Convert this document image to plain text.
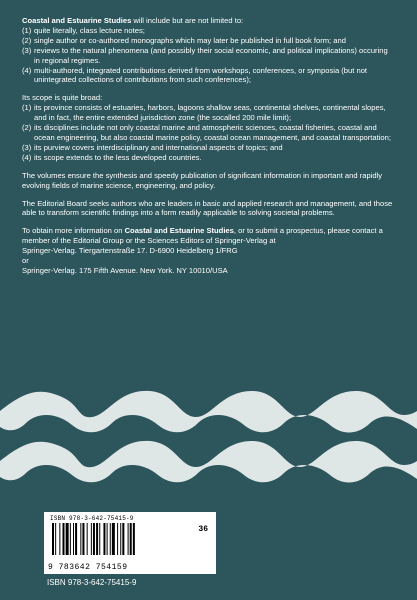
Coastal and Estuarine Studies will include but are not limited to:

(1) quite literally, class lecture notes;
(2) single author or co-authored monographs which may later be published in full book form; and
(3) reviews to the natural phenomena (and possibly their social economic, and political implications) occuring in regional regimes.
(4) multi-authored, integrated contributions derived from workshops, conferences, or symposia (but not unintegrated collections of contributions from such conferences);

Its scope is quite broad:

(1) its province consists of estuaries, harbors, lagoons shallow seas, continental shelves, continental slopes, and in fact, the entire extended jurisdiction zone (the socalled 200 mile limit);
(2) its disciplines include not only coastal marine and atmospheric sciences, coastal fisheries, coastal and ocean engineering, but also coastal marine policy, coastal ocean management, and coastal transportation;
(3) its purview covers interdisciplinary and international aspects of topics; and
(4) its scope extends to the less developed countries.

The volumes ensure the synthesis and speedy publication of significant information in important and rapidly evolving fields of marine science, engineering, and policy.

The Editorial Board seeks authors who are leaders in basic and applied research and management, and those able to transform scientific findings into a form readily applicable to solving societal problems.

To obtain more information on Coastal and Estuarine Studies, or to submit a prospectus, please contact a member of the Editorial Group or the Sciences Editors of Springer-Verlag at

Springer-Verlag. Tiergartenstraße 17. D-6900 Heidelberg 1/FRG

or

Springer-Verlag. 175 Fifth Avenue. New York. NY 10010/USA

ISBN 978-3-642-75415-9
36
9 783642 754159
ISBN 978-3-642-75415-9
